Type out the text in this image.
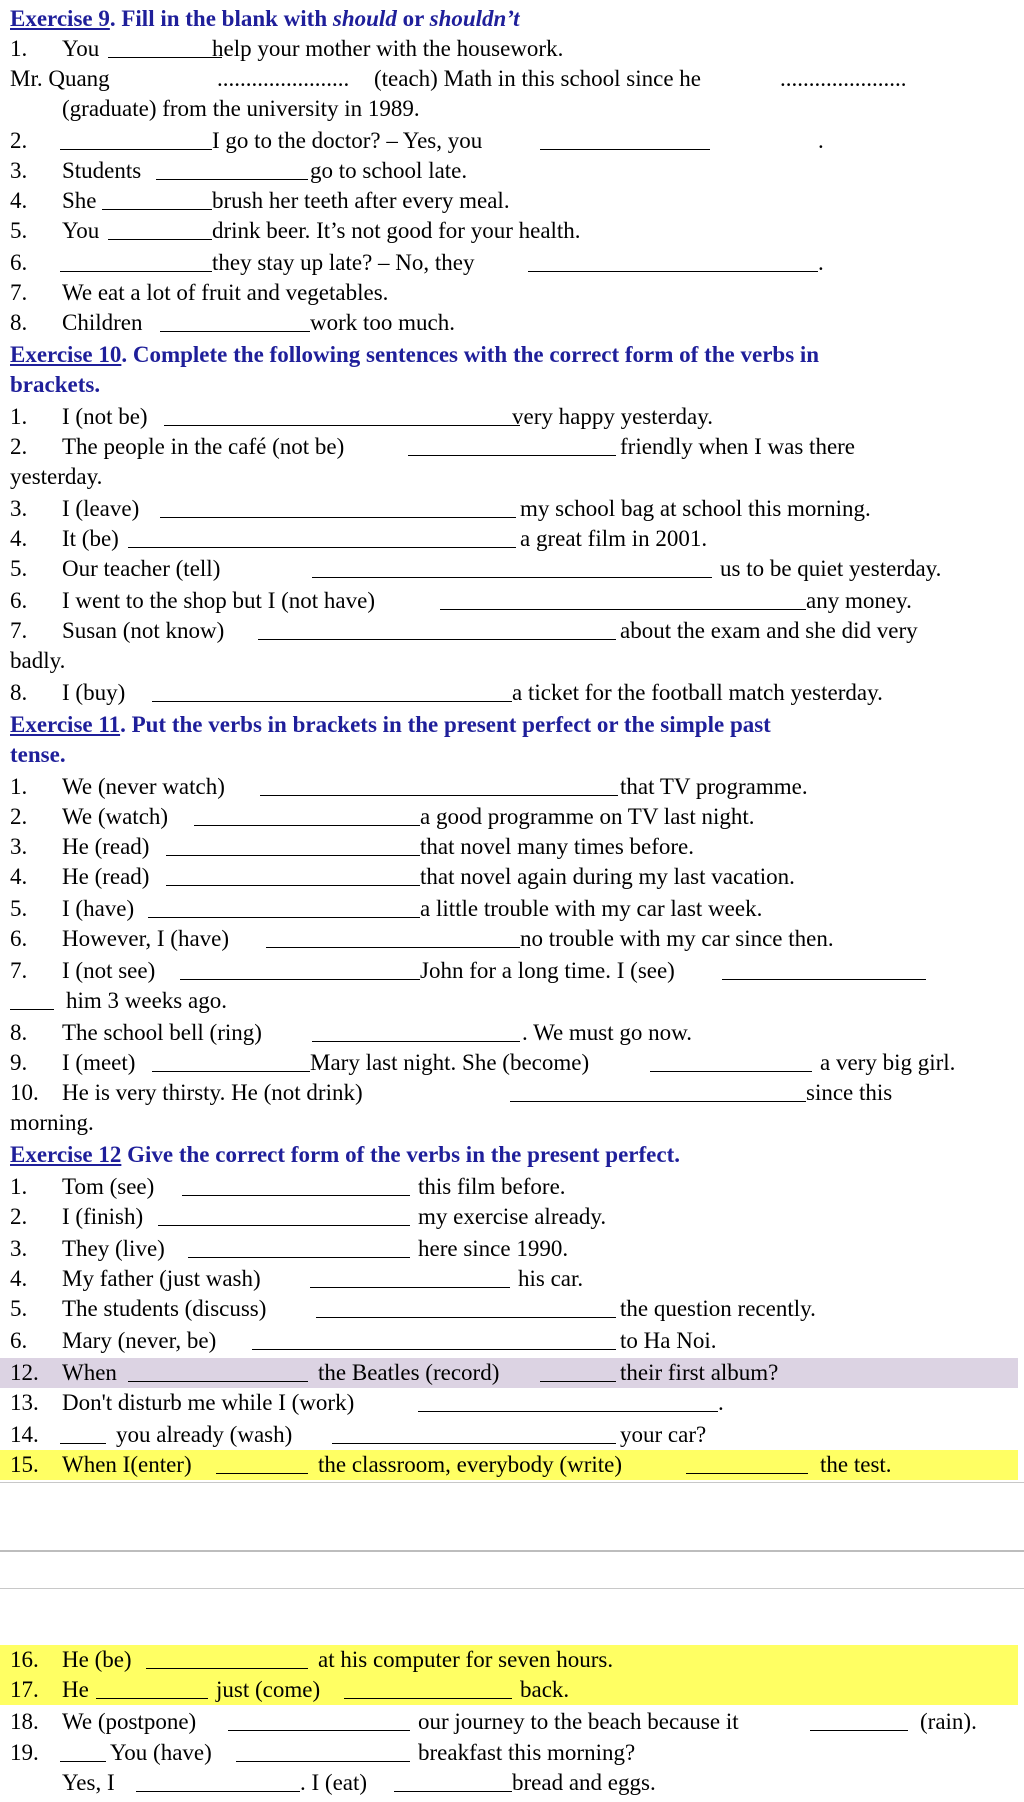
Exercise 9. Fill in the blank with should or shouldn’t
1. You	help your mother with the housework.
Mr. Quang	....................... (teach) Math in this school since he	......................
(graduate) from the university in 1989.
2.	I go to the doctor? – Yes, you	.
3. Students	go to school late.
4. She	brush her teeth after every meal.
5. You	drink beer. It’s not good for your health.
6.	they stay up late? – No, they	.
7. We eat a lot of fruit and vegetables.
8. Children	work too much.
Exercise 10. Complete the following sentences with the correct form of the verbs in
brackets.
1. I (not be)	very happy yesterday.
2. The people in the café (not be)	friendly when I was there
yesterday.
3. I (leave)	my school bag at school this morning.
4. It (be)	a great film in 2001.
5. Our teacher (tell)	us to be quiet yesterday.
6. I went to the shop but I (not have)	any money.
7. Susan (not know)	about the exam and she did very
badly.
8. I (buy)	a ticket for the football match yesterday.
Exercise 11. Put the verbs in brackets in the present perfect or the simple past
tense.
1. We (never watch)	that TV programme.
2. We (watch)	a good programme on TV last night.
3. He (read)	that novel many times before.
4. He (read)	that novel again during my last vacation.
5. I (have)	a little trouble with my car last week.
6. However, I (have)	no trouble with my car since then.
7. I (not see)	John for a long time. I (see)
him 3 weeks ago.
8. The school bell (ring)	. We must go now.
9. I (meet)	Mary last night. She (become)	a very big girl.
10. He is very thirsty. He (not drink)	since this
morning.
Exercise 12 Give the correct form of the verbs in the present perfect.
1. Tom (see)	this film before.
2. I (finish)	my exercise already.
3. They (live)	here since 1990.
4. My father (just wash)	his car.
5. The students (discuss)	the question recently.
6. Mary (never, be)	to Ha Noi.
12. When	the Beatles (record)	their first album?
13. Don't disturb me while I (work)	.
14.	you already (wash)	your car?
15. When I(enter)	the classroom, everybody (write)	the test.
16. He (be)	at his computer for seven hours.
17. He	just (come)	back.
18. We (postpone)	our journey to the beach because it	(rain).
19.	You (have)	breakfast this morning?
Yes, I	. I (eat)	bread and eggs.
